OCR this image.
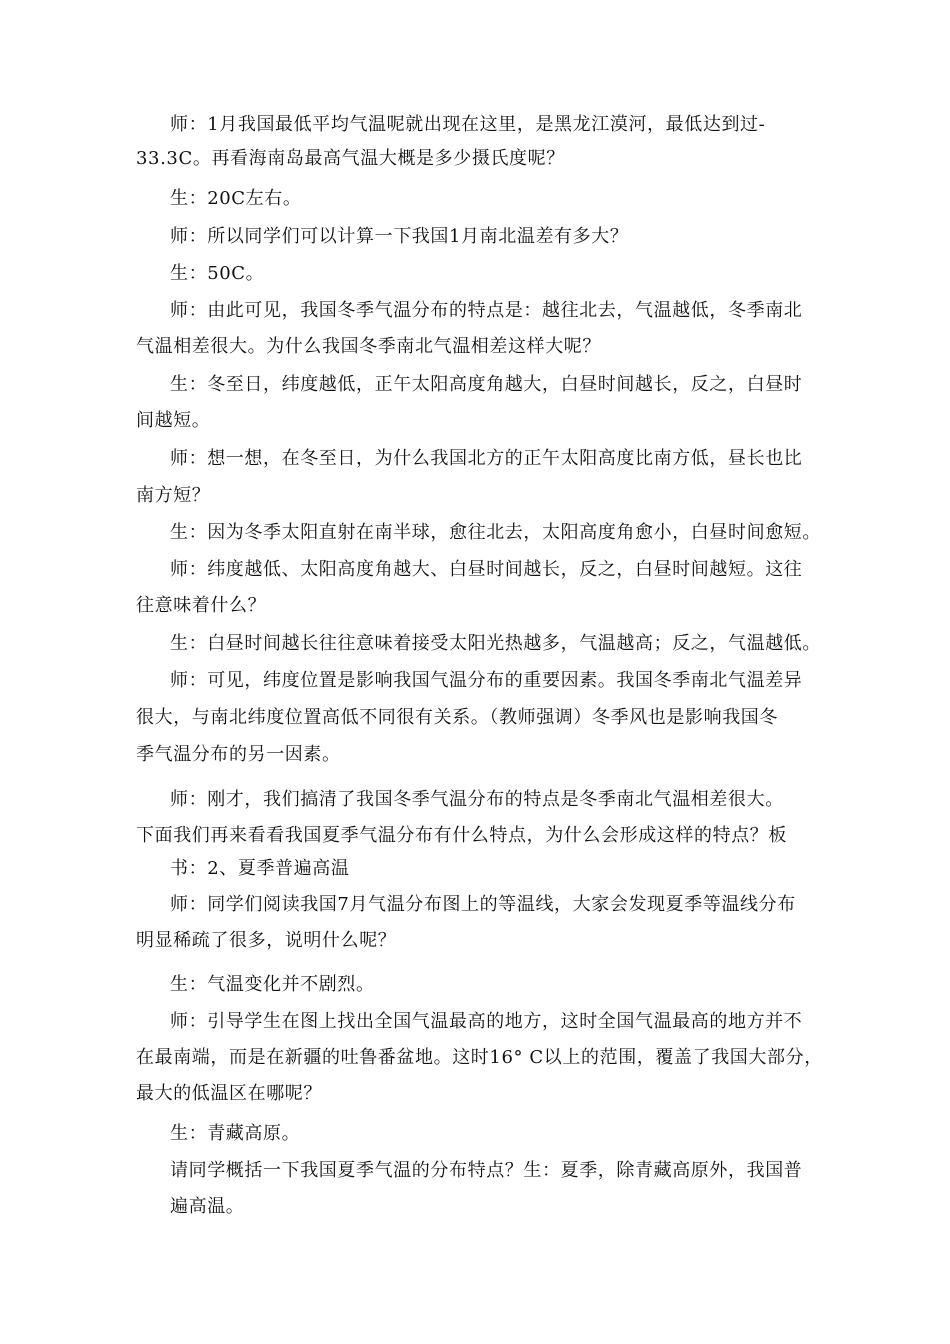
师：1月我国最低平均气温呢就出现在这里，是黑龙江漠河，最低达到过-
33.3C。再看海南岛最高气温大概是多少摄氏度呢？
生：20C左右。
师：所以同学们可以计算一下我国1月南北温差有多大？
生：50C。
师：由此可见，我国冬季气温分布的特点是：越往北去，气温越低，冬季南北
气温相差很大。为什么我国冬季南北气温相差这样大呢？
生：冬至日，纬度越低，正午太阳高度角越大，白昼时间越长，反之，白昼时
间越短。
师：想一想，在冬至日，为什么我国北方的正午太阳高度比南方低，昼长也比
南方短？
生：因为冬季太阳直射在南半球，愈往北去，太阳高度角愈小，白昼时间愈短。
师：纬度越低、太阳高度角越大、白昼时间越长，反之，白昼时间越短。这往
往意味着什么？
生：白昼时间越长往往意味着接受太阳光热越多，气温越高；反之，气温越低。
师：可见，纬度位置是影响我国气温分布的重要因素。我国冬季南北气温差异
很大，与南北纬度位置高低不同很有关系。（教师强调）冬季风也是影响我国冬
季气温分布的另一因素。
师：刚才，我们搞清了我国冬季气温分布的特点是冬季南北气温相差很大。
下面我们再来看看我国夏季气温分布有什么特点，为什么会形成这样的特点？板
书：2、夏季普遍高温
师：同学们阅读我国7月气温分布图上的等温线，大家会发现夏季等温线分布
明显稀疏了很多，说明什么呢？
生：气温变化并不剧烈。
师：引导学生在图上找出全国气温最高的地方，这时全国气温最高的地方并不
在最南端，而是在新疆的吐鲁番盆地。这时16° C以上的范围，覆盖了我国大部分，
最大的低温区在哪呢？
生：青藏高原。
请同学概括一下我国夏季气温的分布特点？生：夏季，除青藏高原外，我国普
遍高温。
